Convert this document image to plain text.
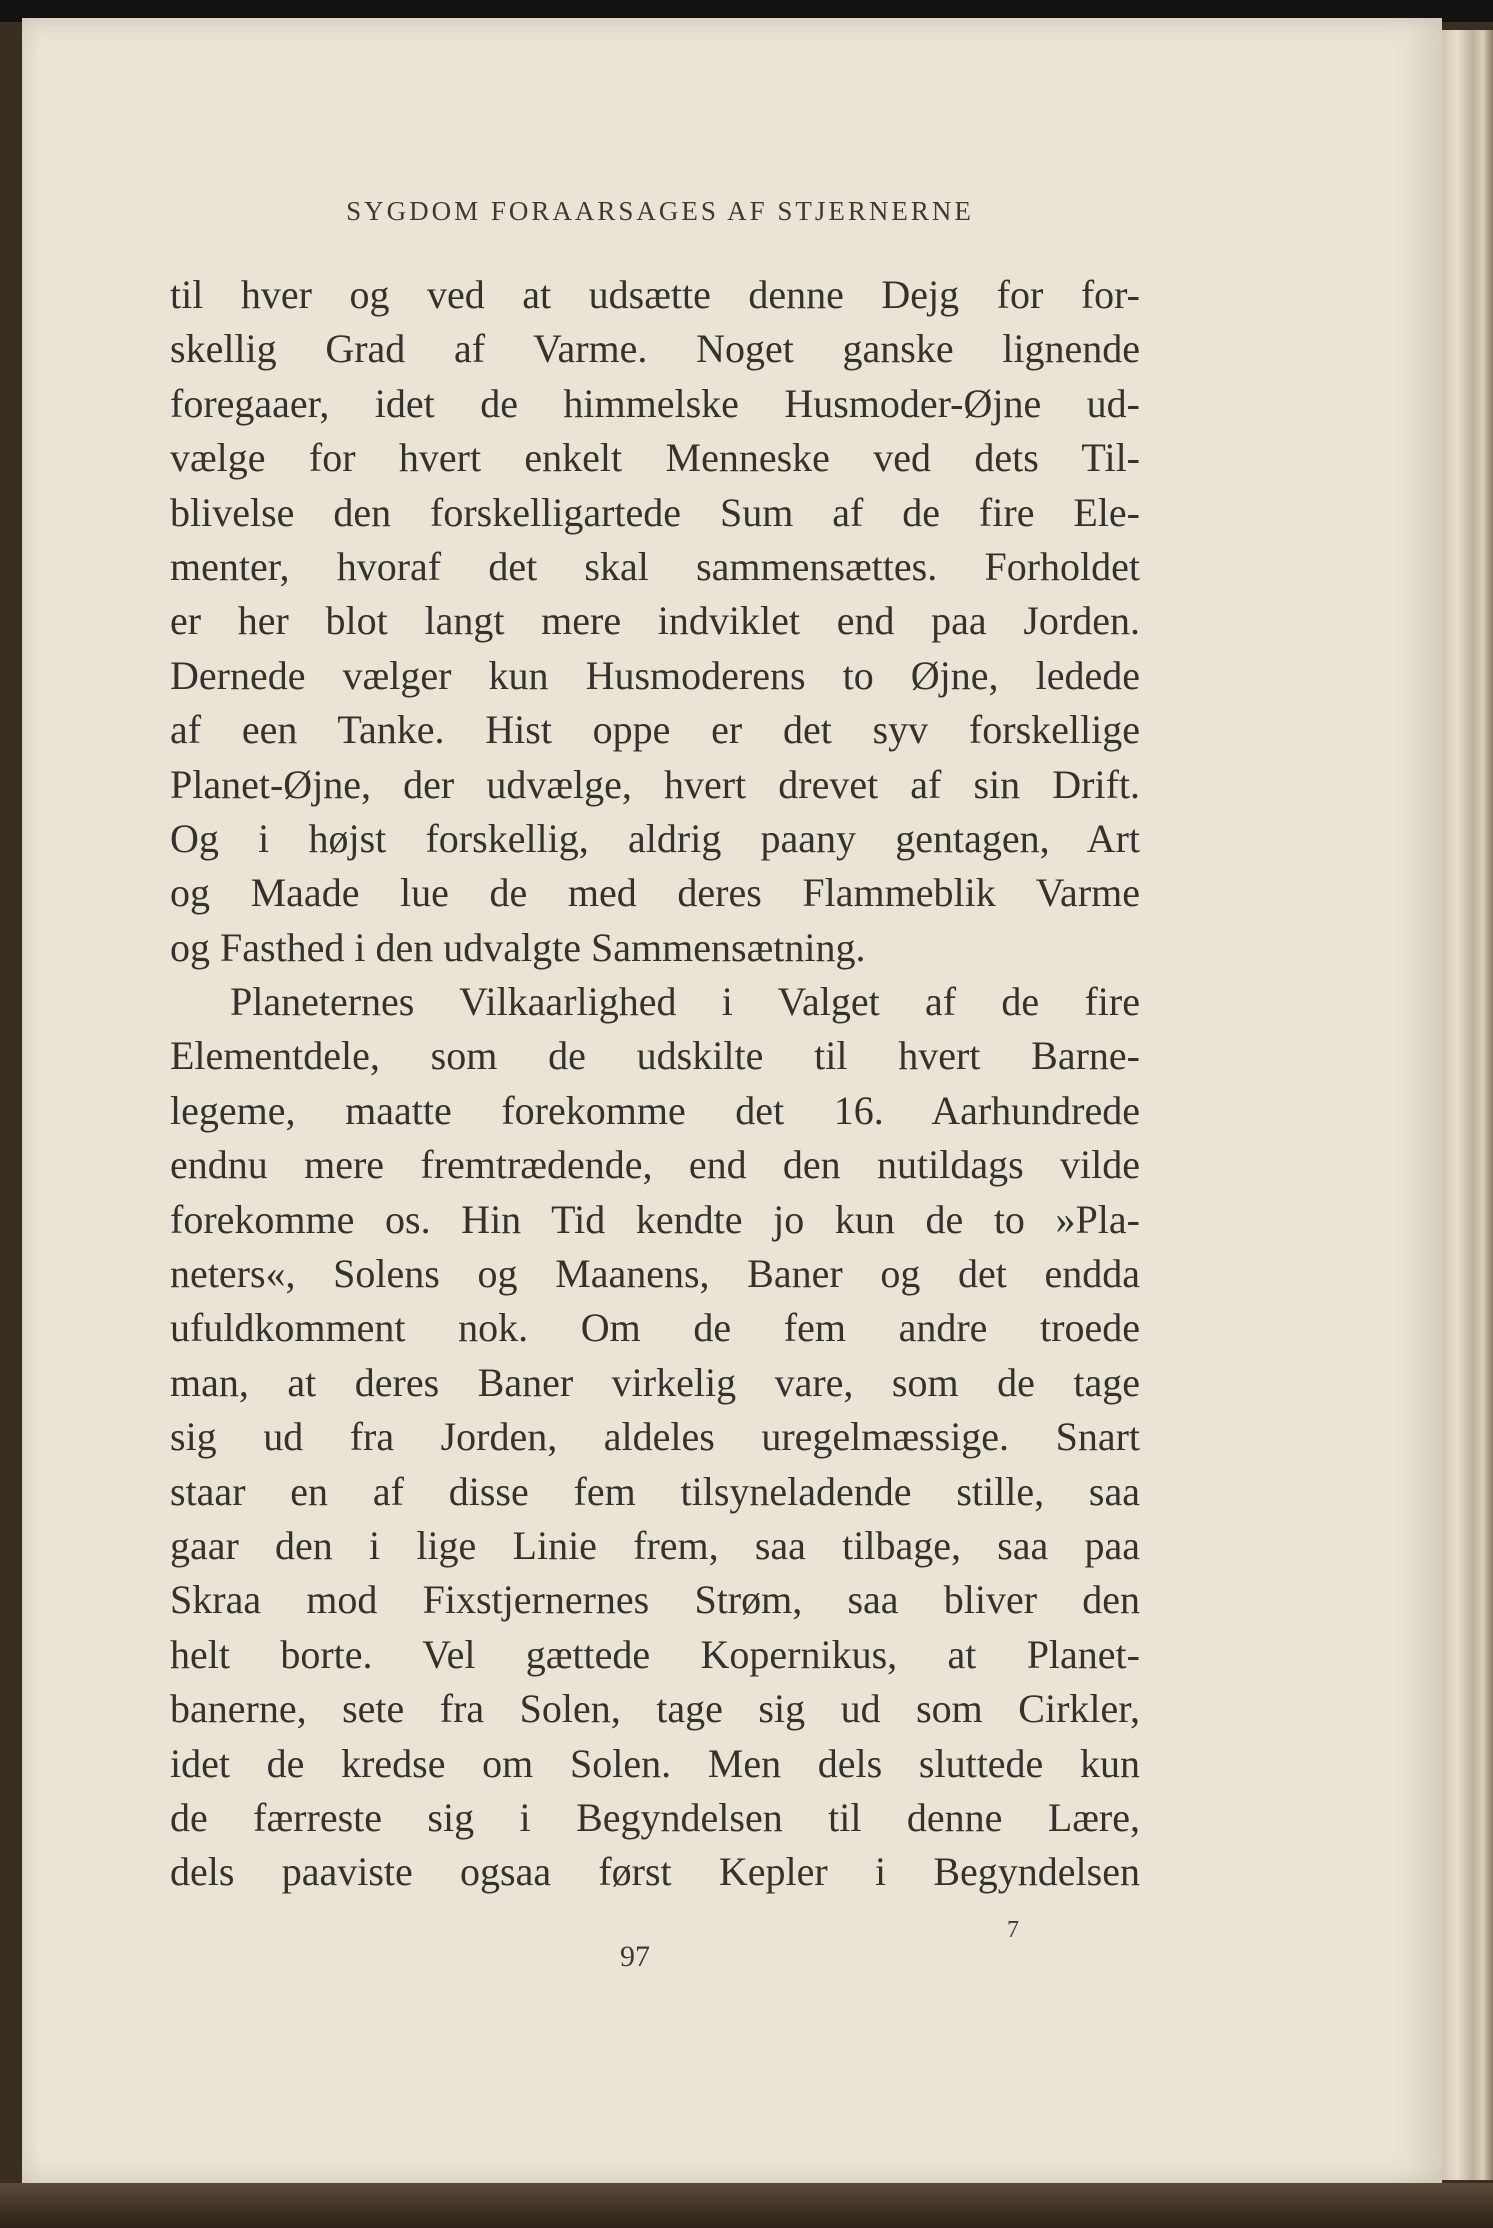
SYGDOM FORAARSAGES AF STJERNERNE
til hver og ved at udsætte denne Dejg for for-
skellig Grad af Varme. Noget ganske lignende
foregaaer, idet de himmelske Husmoder-Øjne ud-
vælge for hvert enkelt Menneske ved dets Til-
blivelse den forskelligartede Sum af de fire Ele-
menter, hvoraf det skal sammensættes. Forholdet
er her blot langt mere indviklet end paa Jorden.
Dernede vælger kun Husmoderens to Øjne, ledede
af een Tanke. Hist oppe er det syv forskellige
Planet-Øjne, der udvælge, hvert drevet af sin Drift.
Og i højst forskellig, aldrig paany gentagen, Art
og Maade lue de med deres Flammeblik Varme
og Fasthed i den udvalgte Sammensætning.
Planeternes Vilkaarlighed i Valget af de fire
Elementdele, som de udskilte til hvert Barne-
legeme, maatte forekomme det 16. Aarhundrede
endnu mere fremtrædende, end den nutildags vilde
forekomme os. Hin Tid kendte jo kun de to »Pla-
neters«, Solens og Maanens, Baner og det endda
ufuldkomment nok. Om de fem andre troede
man, at deres Baner virkelig vare, som de tage
sig ud fra Jorden, aldeles uregelmæssige. Snart
staar en af disse fem tilsyneladende stille, saa
gaar den i lige Linie frem, saa tilbage, saa paa
Skraa mod Fixstjernernes Strøm, saa bliver den
helt borte. Vel gættede Kopernikus, at Planet-
banerne, sete fra Solen, tage sig ud som Cirkler,
idet de kredse om Solen. Men dels sluttede kun
de færreste sig i Begyndelsen til denne Lære,
dels paaviste ogsaa først Kepler i Begyndelsen
7
97
